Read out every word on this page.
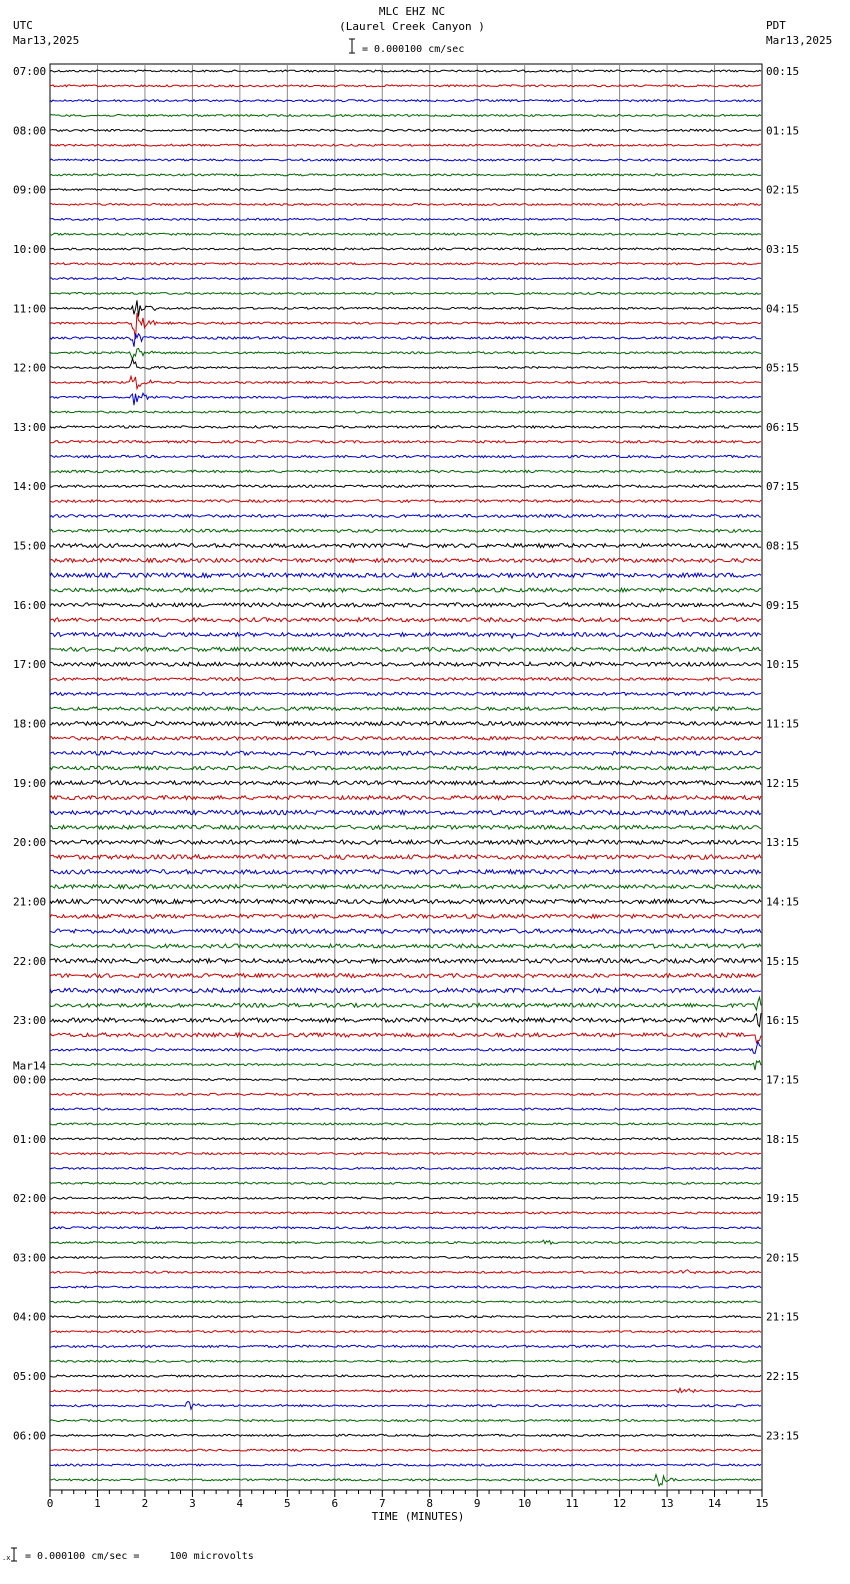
MLC EHZ NC
(Laurel Creek Canyon )
= 0.000100 cm/sec
UTC
Mar13,2025
PDT
Mar13,2025
0	1	2	3	4	5	6	7	8	9	10	11	12	13	14	15
07:00
08:00
09:00
10:00
11:00
12:00
13:00
14:00
15:00
16:00
17:00
18:00
19:00
20:00
21:00
22:00
23:00
00:00
Mar14
01:00
02:00
03:00
04:00
05:00
06:00
00:15
01:15
02:15
03:15
04:15
05:15
06:15
07:15
08:15
09:15
10:15
11:15
12:15
13:15
14:15
15:15
16:15
17:15
18:15
19:15
20:15
21:15
22:15
23:15
TIME (MINUTES)
.x = 0.000100 cm/sec =     100 microvolts
